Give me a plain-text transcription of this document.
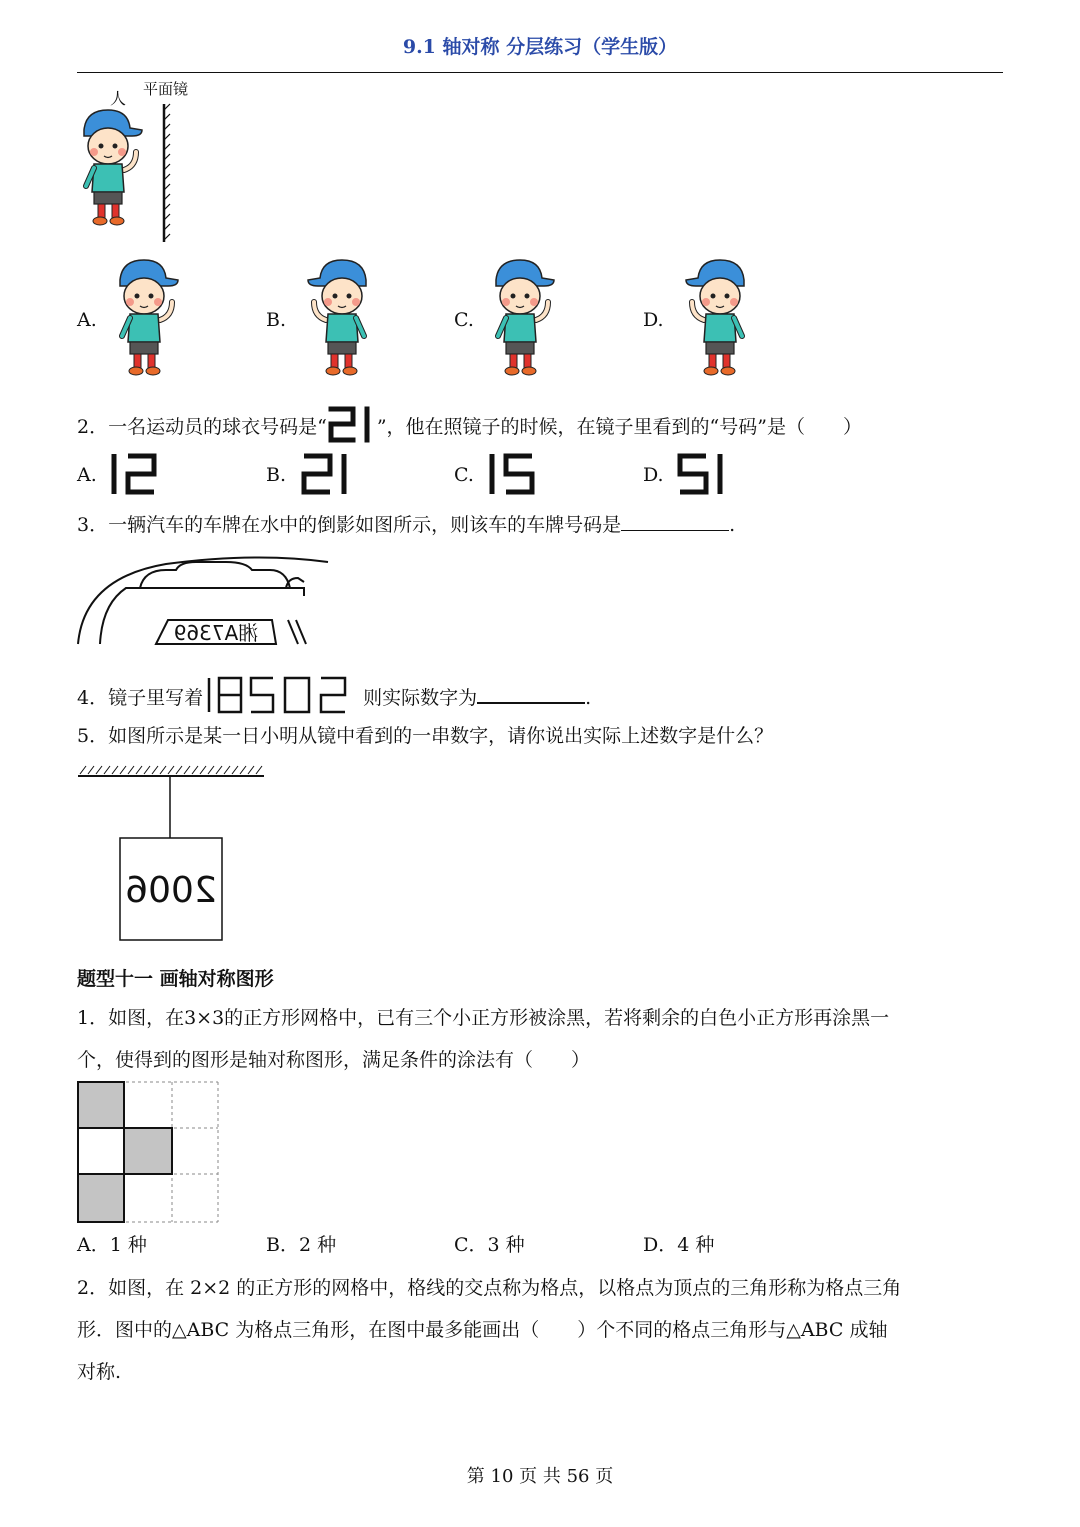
9.1 轴对称 分层练习（学生版）
人 平面镜
A.	B.	C.	D.
2．一名运动员的球衣号码是“	”，他在照镜子的时候，在镜子里看到的“号码”是（　　）
A.	B.	C.	D.
3．一辆汽车的车牌在水中的倒影如图所示，则该车的车牌号码是	.
湘A7369
4．镜子里写着	则实际数字为	.
5．如图所示是某一日小明从镜中看到的一串数字，请你说出实际上述数字是什么？
2006
题型十一 画轴对称图形
1．如图，在3×3的正方形网格中，已有三个小正方形被涂黑，若将剩余的白色小正方形再涂黑一
个，使得到的图形是轴对称图形，满足条件的涂法有（　　）
A．1 种	B．2 种	C．3 种	D．4 种
2．如图，在 2×2 的正方形的网格中，格线的交点称为格点，以格点为顶点的三角形称为格点三角
形．图中的△ABC 为格点三角形，在图中最多能画出（　　）个不同的格点三角形与△ABC 成轴
对称.
第 10 页 共 56 页
